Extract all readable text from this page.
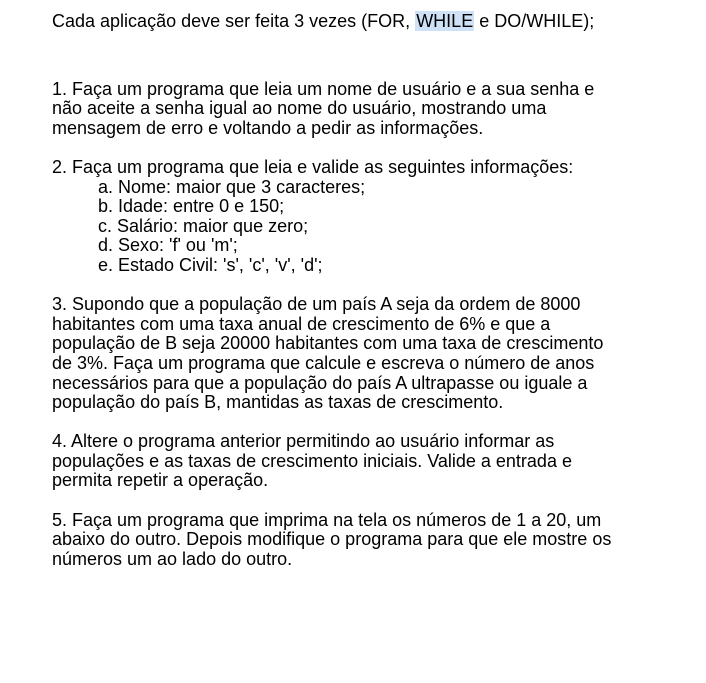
Cada aplicação deve ser feita 3 vezes (FOR, WHILE e DO/WHILE);
1. Faça um programa que leia um nome de usuário e a sua senha e
não aceite a senha igual ao nome do usuário, mostrando uma
mensagem de erro e voltando a pedir as informações.
2. Faça um programa que leia e valide as seguintes informações:
a. Nome: maior que 3 caracteres;
b. Idade: entre 0 e 150;
c. Salário: maior que zero;
d. Sexo: 'f' ou 'm';
e. Estado Civil: 's', 'c', 'v', 'd';
3. Supondo que a população de um país A seja da ordem de 8000
habitantes com uma taxa anual de crescimento de 6% e que a
população de B seja 20000 habitantes com uma taxa de crescimento
de 3%. Faça um programa que calcule e escreva o número de anos
necessários para que a população do país A ultrapasse ou iguale a
população do país B, mantidas as taxas de crescimento.
4. Altere o programa anterior permitindo ao usuário informar as
populações e as taxas de crescimento iniciais. Valide a entrada e
permita repetir a operação.
5. Faça um programa que imprima na tela os números de 1 a 20, um
abaixo do outro. Depois modifique o programa para que ele mostre os
números um ao lado do outro.
